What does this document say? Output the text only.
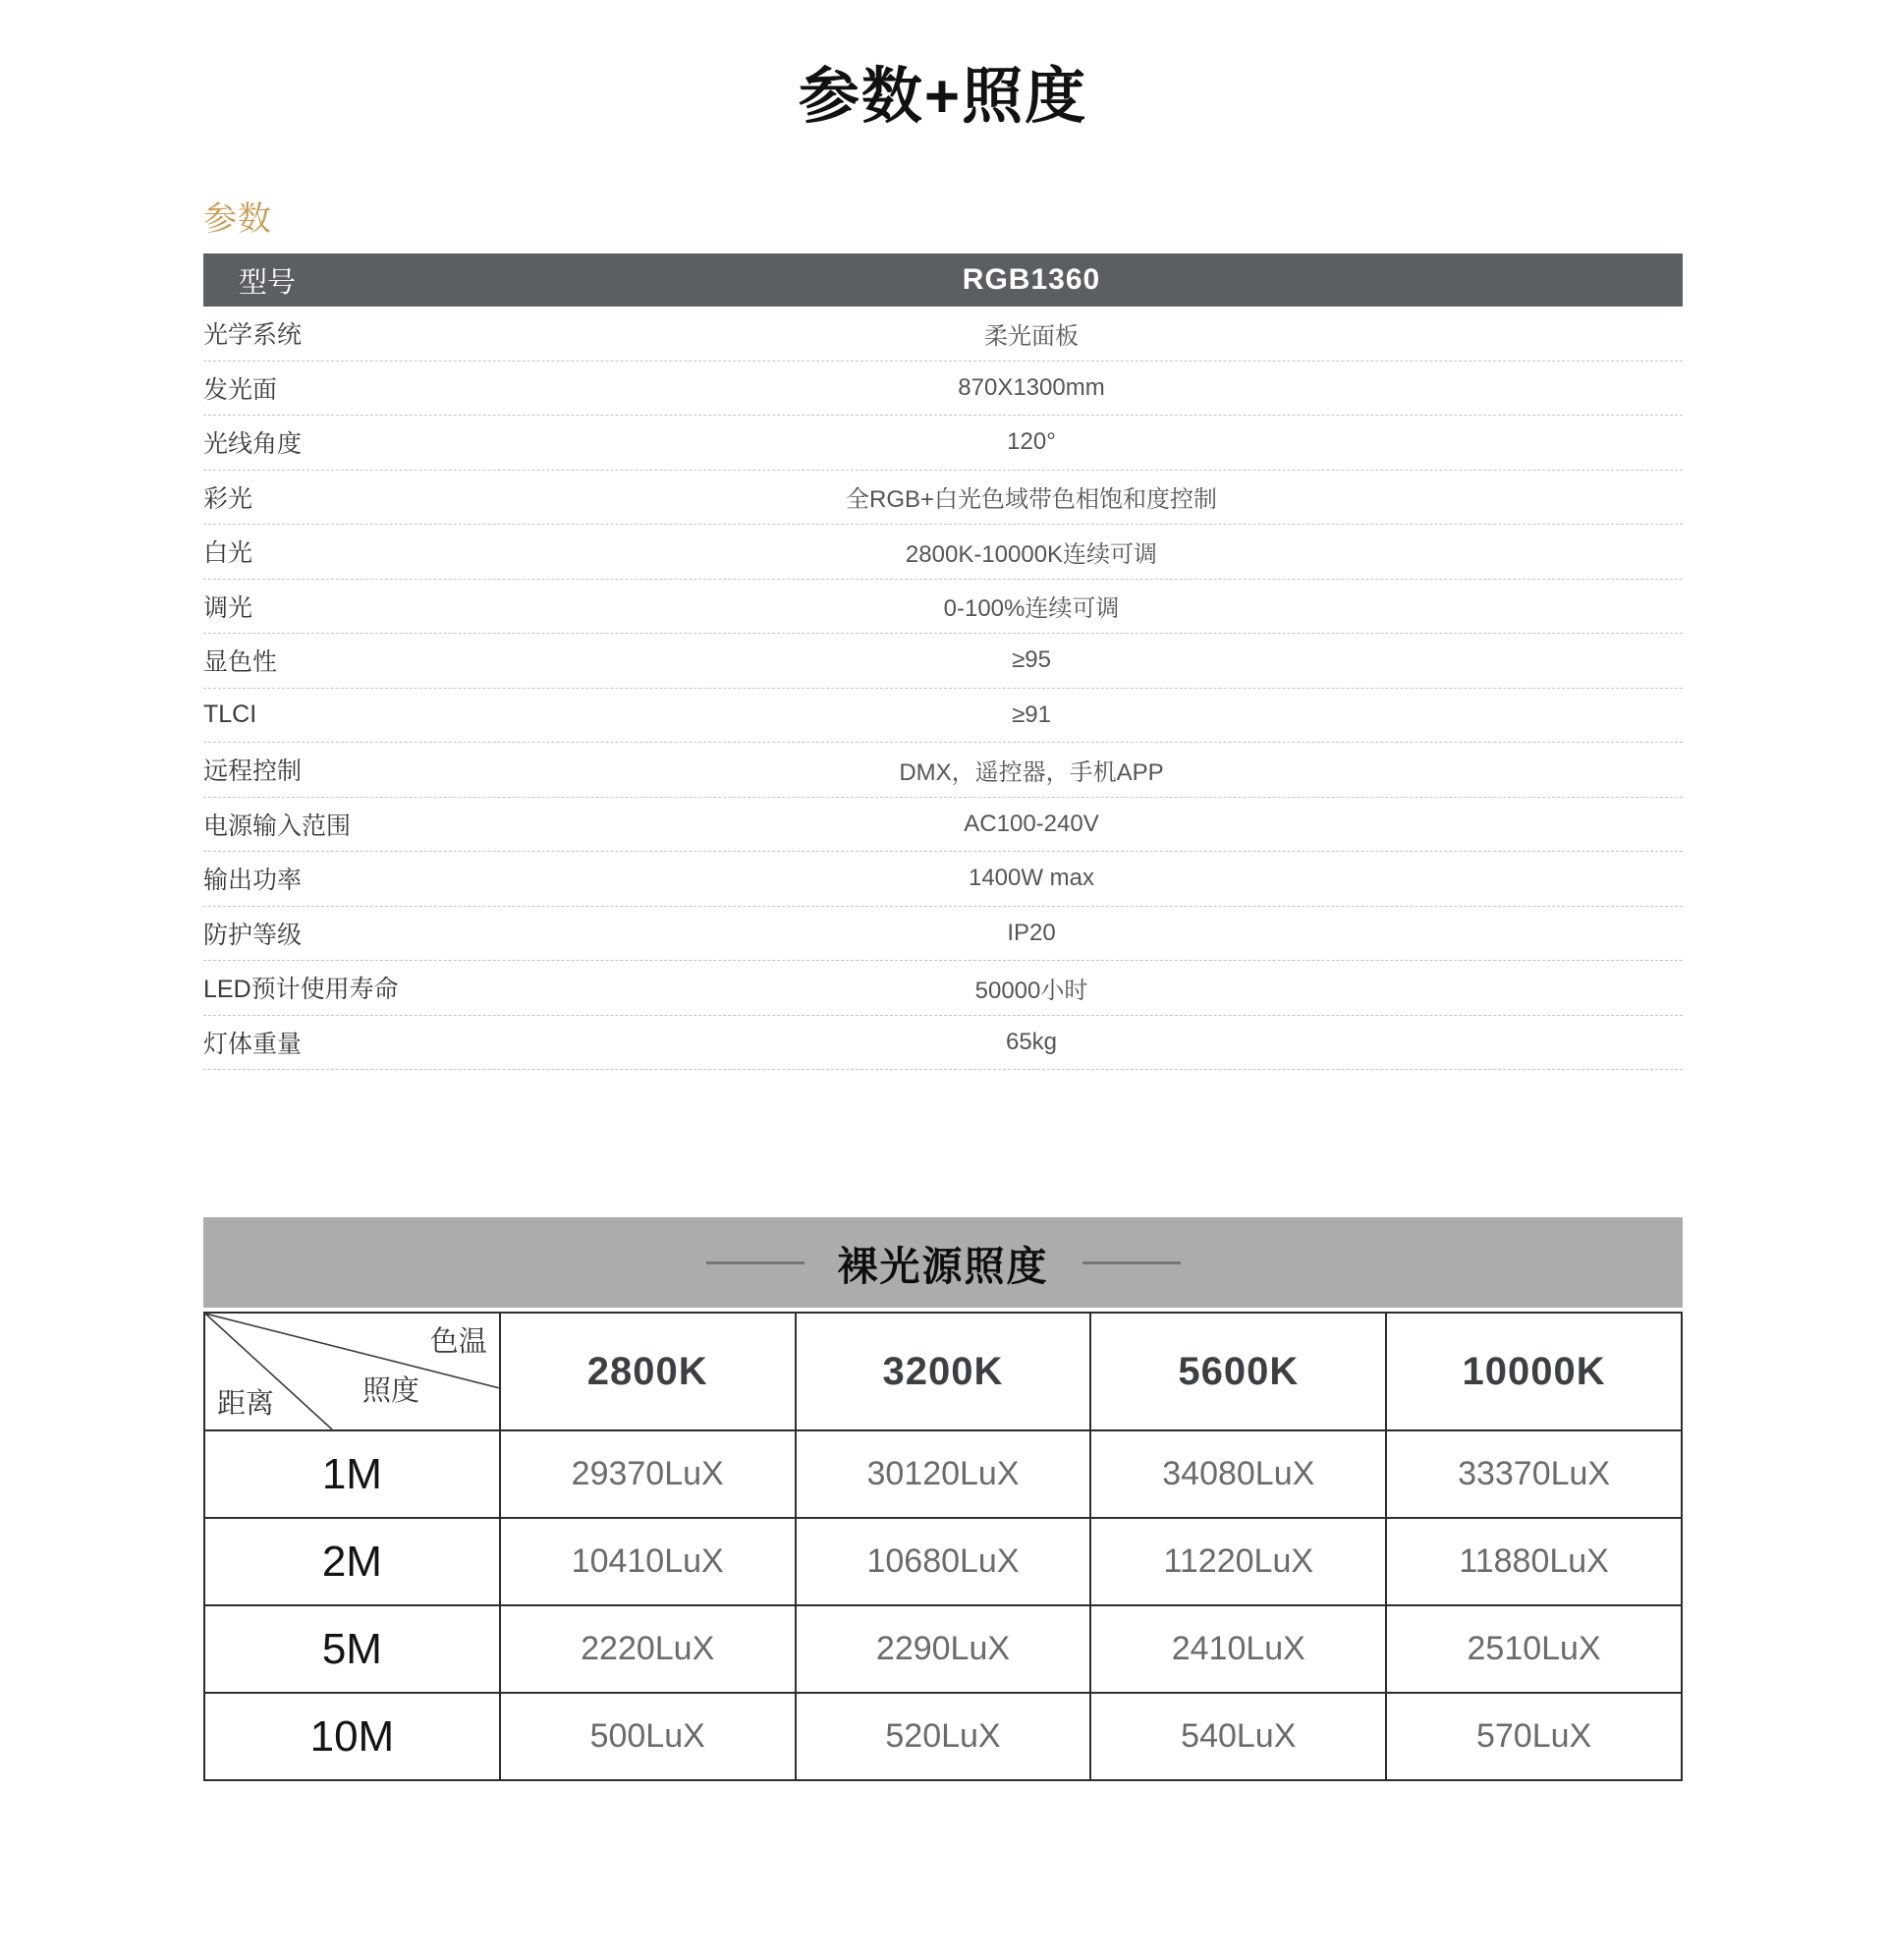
参数+照度
参数
型号	RGB1360
光学系统	柔光面板
发光面	870X1300mm
光线角度	120°
彩光	全RGB+白光色域带色相饱和度控制
白光	2800K-10000K连续可调
调光	0-100%连续可调
显色性	≥95
TLCI	≥91
远程控制	DMX，遥控器，手机APP
电源输入范围	AC100-240V
输出功率	1400W max
防护等级	IP20
LED预计使用寿命	50000小时
灯体重量	65kg
裸光源照度
色温
照度
距离	2800K	3200K	5600K	10000K
1M	29370LuX	30120LuX	34080LuX	33370LuX
2M	10410LuX	10680LuX	11220LuX	11880LuX
5M	2220LuX	2290LuX	2410LuX	2510LuX
10M	500LuX	520LuX	540LuX	570LuX
